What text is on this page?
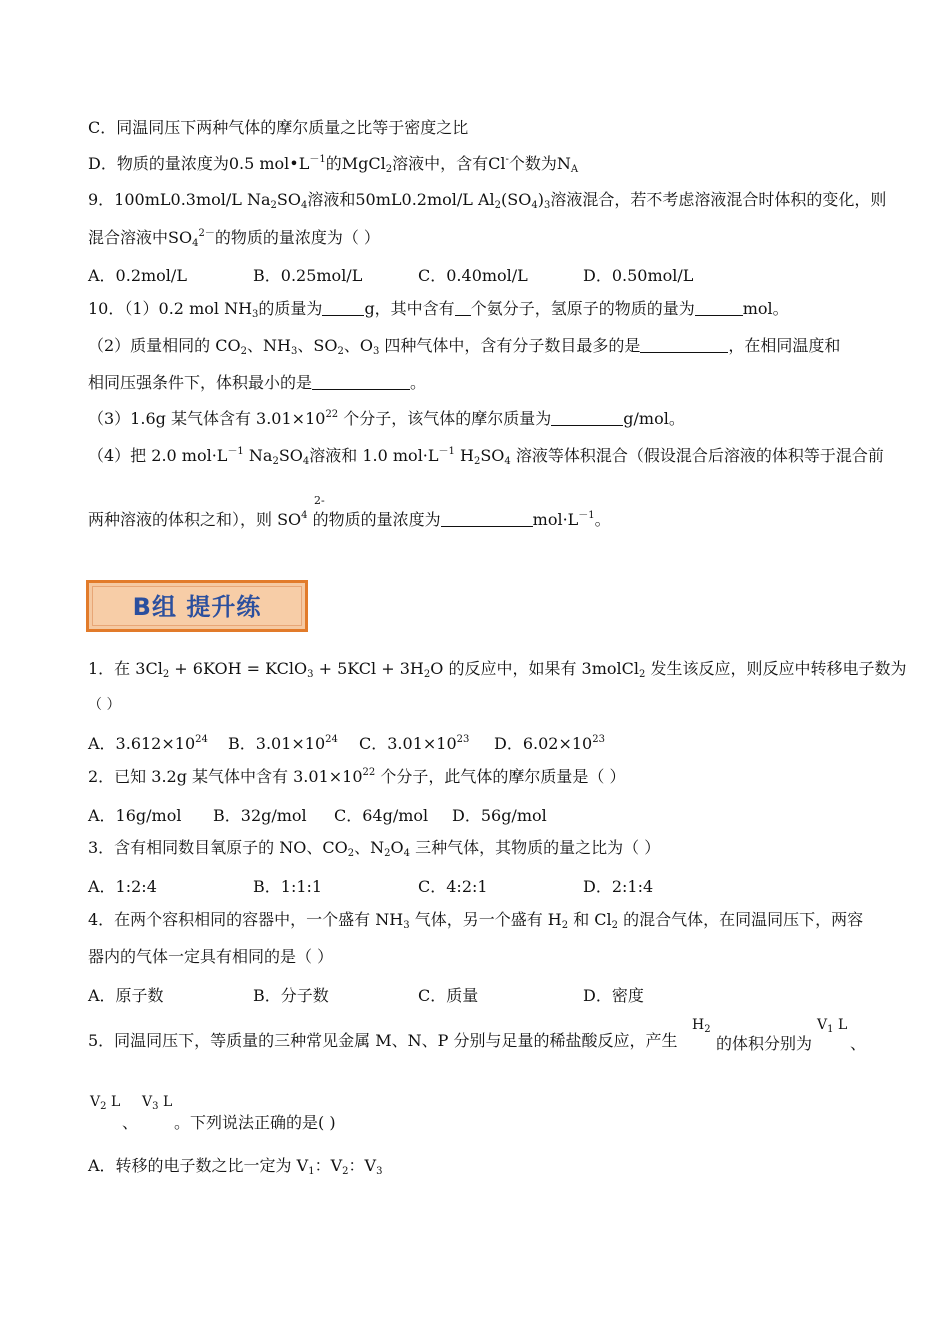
C．同温同压下两种气体的摩尔质量之比等于密度之比
D．物质的量浓度为0.5 $mol•L^{-1}$的MgCl$_2$溶液中，含有Cl-个数为$N_A$
9．100mL0.3mol/L $Na_2SO_4$溶液和50mL0.2mol/L $Al_2(SO_4)_3$溶液混合，若不考虑溶液混合时体积的变化，则
混合溶液中$SO_4^{2-}$的物质的量浓度为（ ）
A．0.2mol/L	B．0.25mol/L	C．0.40mol/L	D．0.50mol/L
10．（1）0.2 mol $NH_3$的质量为	g，其中含有 个氨分子，氢原子的物质的量为	mol。
（2）质量相同的 $CO_2$、$NH_3$、$SO_2$、$O_3$ 四种气体中，含有分子数目最多的是	，在相同温度和
相同压强条件下，体积最小的是	。
（3）1.6g 某气体含有 $3.01\times 10^{22}$ 个分子，该气体的摩尔质量为	g/mol。
（4）把 2.0 $mol\cdot L^{-1}$ $Na_2SO_4$溶液和 1.0 $mol\cdot L^{-1}$ $H_2SO_4$ 溶液等体积混合（假设混合后溶液的体积等于混合前
2-
两种溶液的体积之和），则 $SO^4$ 的物质的量浓度为	$mol\cdot L^{-1}$。
B组 提升练
1．在 $3Cl_2 + 6KOH$ = KClO$_3$ + $5KCl + 3H_2O$ 的反应中，如果有 3molCl$_2$ 发生该反应，则反应中转移电子数为
（ ）
A．$3.612\times 10^{24}$ B．$3.01\times 10^{24}$ C．$3.01\times 10^{23}$ D．$6.02\times 10^{23}$
2．已知 3.2g 某气体中含有 $3.01\times 10^{22}$ 个分子，此气体的摩尔质量是（ ）
A．16g/mol B．32g/mol C．64g/mol D．56g/mol
3．含有相同数目氧原子的 NO、$CO_2$、$N_2O_4$ 三种气体，其物质的量之比为（ ）
A．1:2:4	B．1:1:1	C．4:2:1	D．2:1:4
4．在两个容积相同的容器中，一个盛有 $NH_3$ 气体，另一个盛有 $H_2$ 和 $Cl_2$ 的混合气体，在同温同压下，两容
器内的气体一定具有相同的是（ ）
A．原子数	B．分子数	C．质量	D．密度
5．同温同压下，等质量的三种常见金属 M、N、P 分别与足量的稀盐酸反应，产生
$H_2$
的体积分别为
$V_1$ L
、
$V_2$ L
、
$V_3$ L
。下列说法正确的是( )
A．转移的电子数之比一定为 $V_1$：$V_2$：$V_3$
